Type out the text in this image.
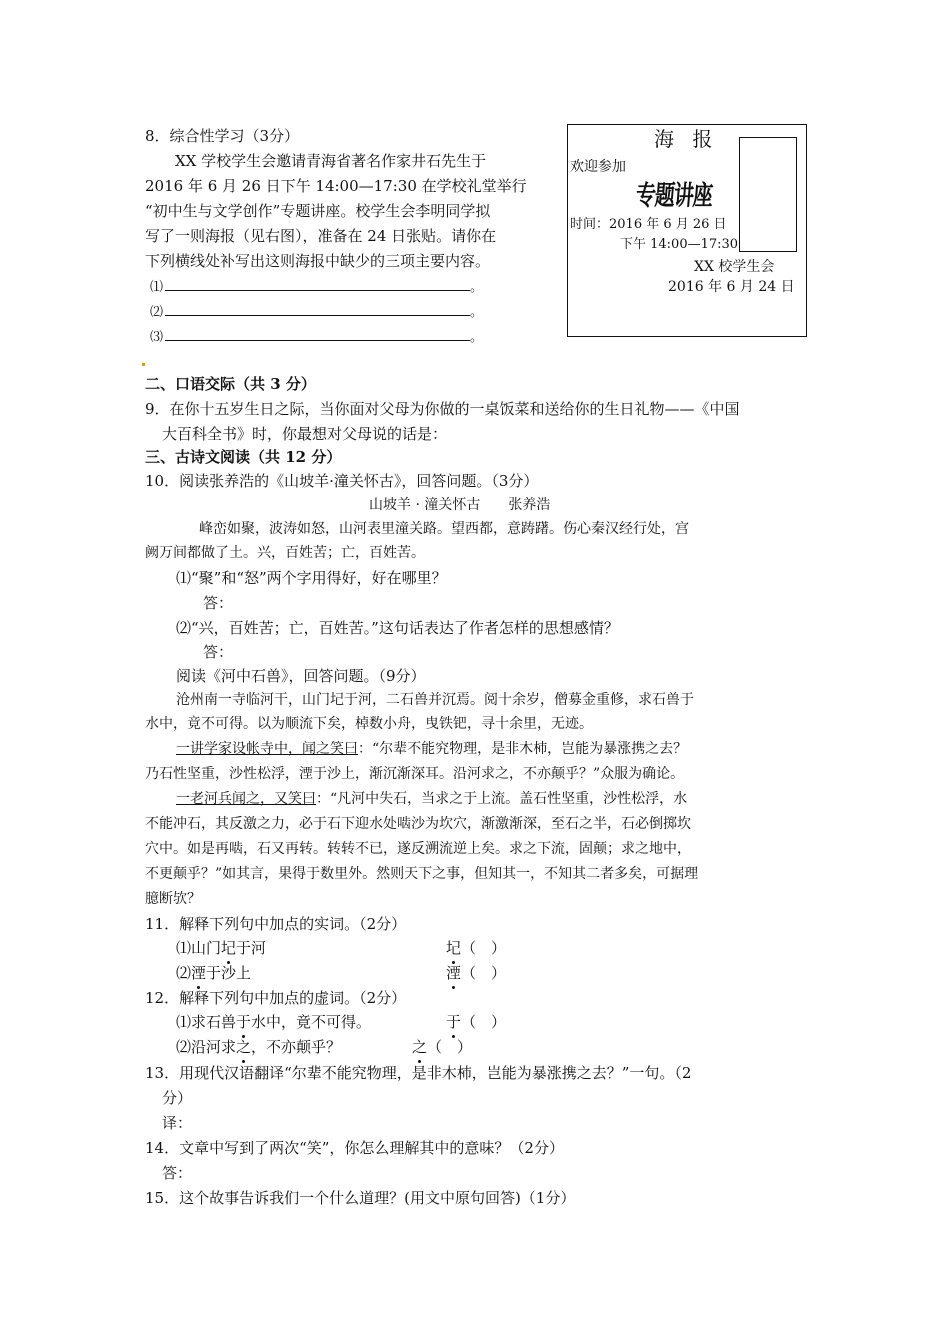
8．综合性学习（3分）
XX 学校学生会邀请青海省著名作家井石先生于
2016 年 6 月 26 日下午 14:00—17:30 在学校礼堂举行
“初中生与文学创作”专题讲座。校学生会李明同学拟
写了一则海报（见右图），准备在 24 日张贴。请你在
下列横线处补写出这则海报中缺少的三项主要内容。
⑴	。
⑵	。
⑶	。
海 报
欢迎参加
专题讲座
时间：2016 年 6 月 26 日
下午 14:00—17:30
XX 校学生会
2016 年 6 月 24 日
二、口语交际（共 3 分）
9．在你十五岁生日之际，当你面对父母为你做的一桌饭菜和送给你的生日礼物——《中国
大百科全书》时，你最想对父母说的话是：
三、古诗文阅读（共 12 分）
10．阅读张养浩的《山坡羊·潼关怀古》，回答问题。（3分）
山坡羊 · 潼关怀古　　张养浩
峰峦如聚，波涛如怒，山河表里潼关路。望西都，意踌躇。伤心秦汉经行处，宫
阙万间都做了土。兴，百姓苦；亡，百姓苦。
⑴“聚”和“怒”两个字用得好，好在哪里？
答：
⑵“兴，百姓苦；亡，百姓苦。”这句话表达了作者怎样的思想感情？
答：
阅读《河中石兽》，回答问题。（9分）
沧州南一寺临河干，山门圮于河，二石兽并沉焉。阅十余岁，僧募金重修，求石兽于
水中，竟不可得。以为顺流下矣，棹数小舟，曳铁钯，寻十余里，无迹。
一讲学家设帐寺中，闻之笑曰：“尔辈不能究物理，是非木杮，岂能为暴涨携之去？
乃石性坚重，沙性松浮，湮于沙上，渐沉渐深耳。沿河求之，不亦颠乎？”众服为确论。
一老河兵闻之，又笑曰：“凡河中失石，当求之于上流。盖石性坚重，沙性松浮，水
不能冲石，其反激之力，必于石下迎水处啮沙为坎穴，渐激渐深，至石之半，石必倒掷坎
穴中。如是再啮，石又再转。转转不已，遂反溯流逆上矣。求之下流，固颠；求之地中，
不更颠乎？”如其言，果得于数里外。然则天下之事，但知其一，不知其二者多矣，可据理
臆断欤？
11．解释下列句中加点的实词。（2分）
⑴山门圮于河	圮（　）
⑵湮于沙上	湮（　）
12．解释下列句中加点的虚词。（2分）
⑴求石兽于水中，竟不可得。	于（　）
⑵沿河求之，不亦颠乎？	之（　）
13．用现代汉语翻译“尔辈不能究物理，是非木杮，岂能为暴涨携之去？”一句。（2
分）
译：
14．文章中写到了两次“笑”，你怎么理解其中的意味？（2分）
答：
15．这个故事告诉我们一个什么道理？(用文中原句回答)（1分）
